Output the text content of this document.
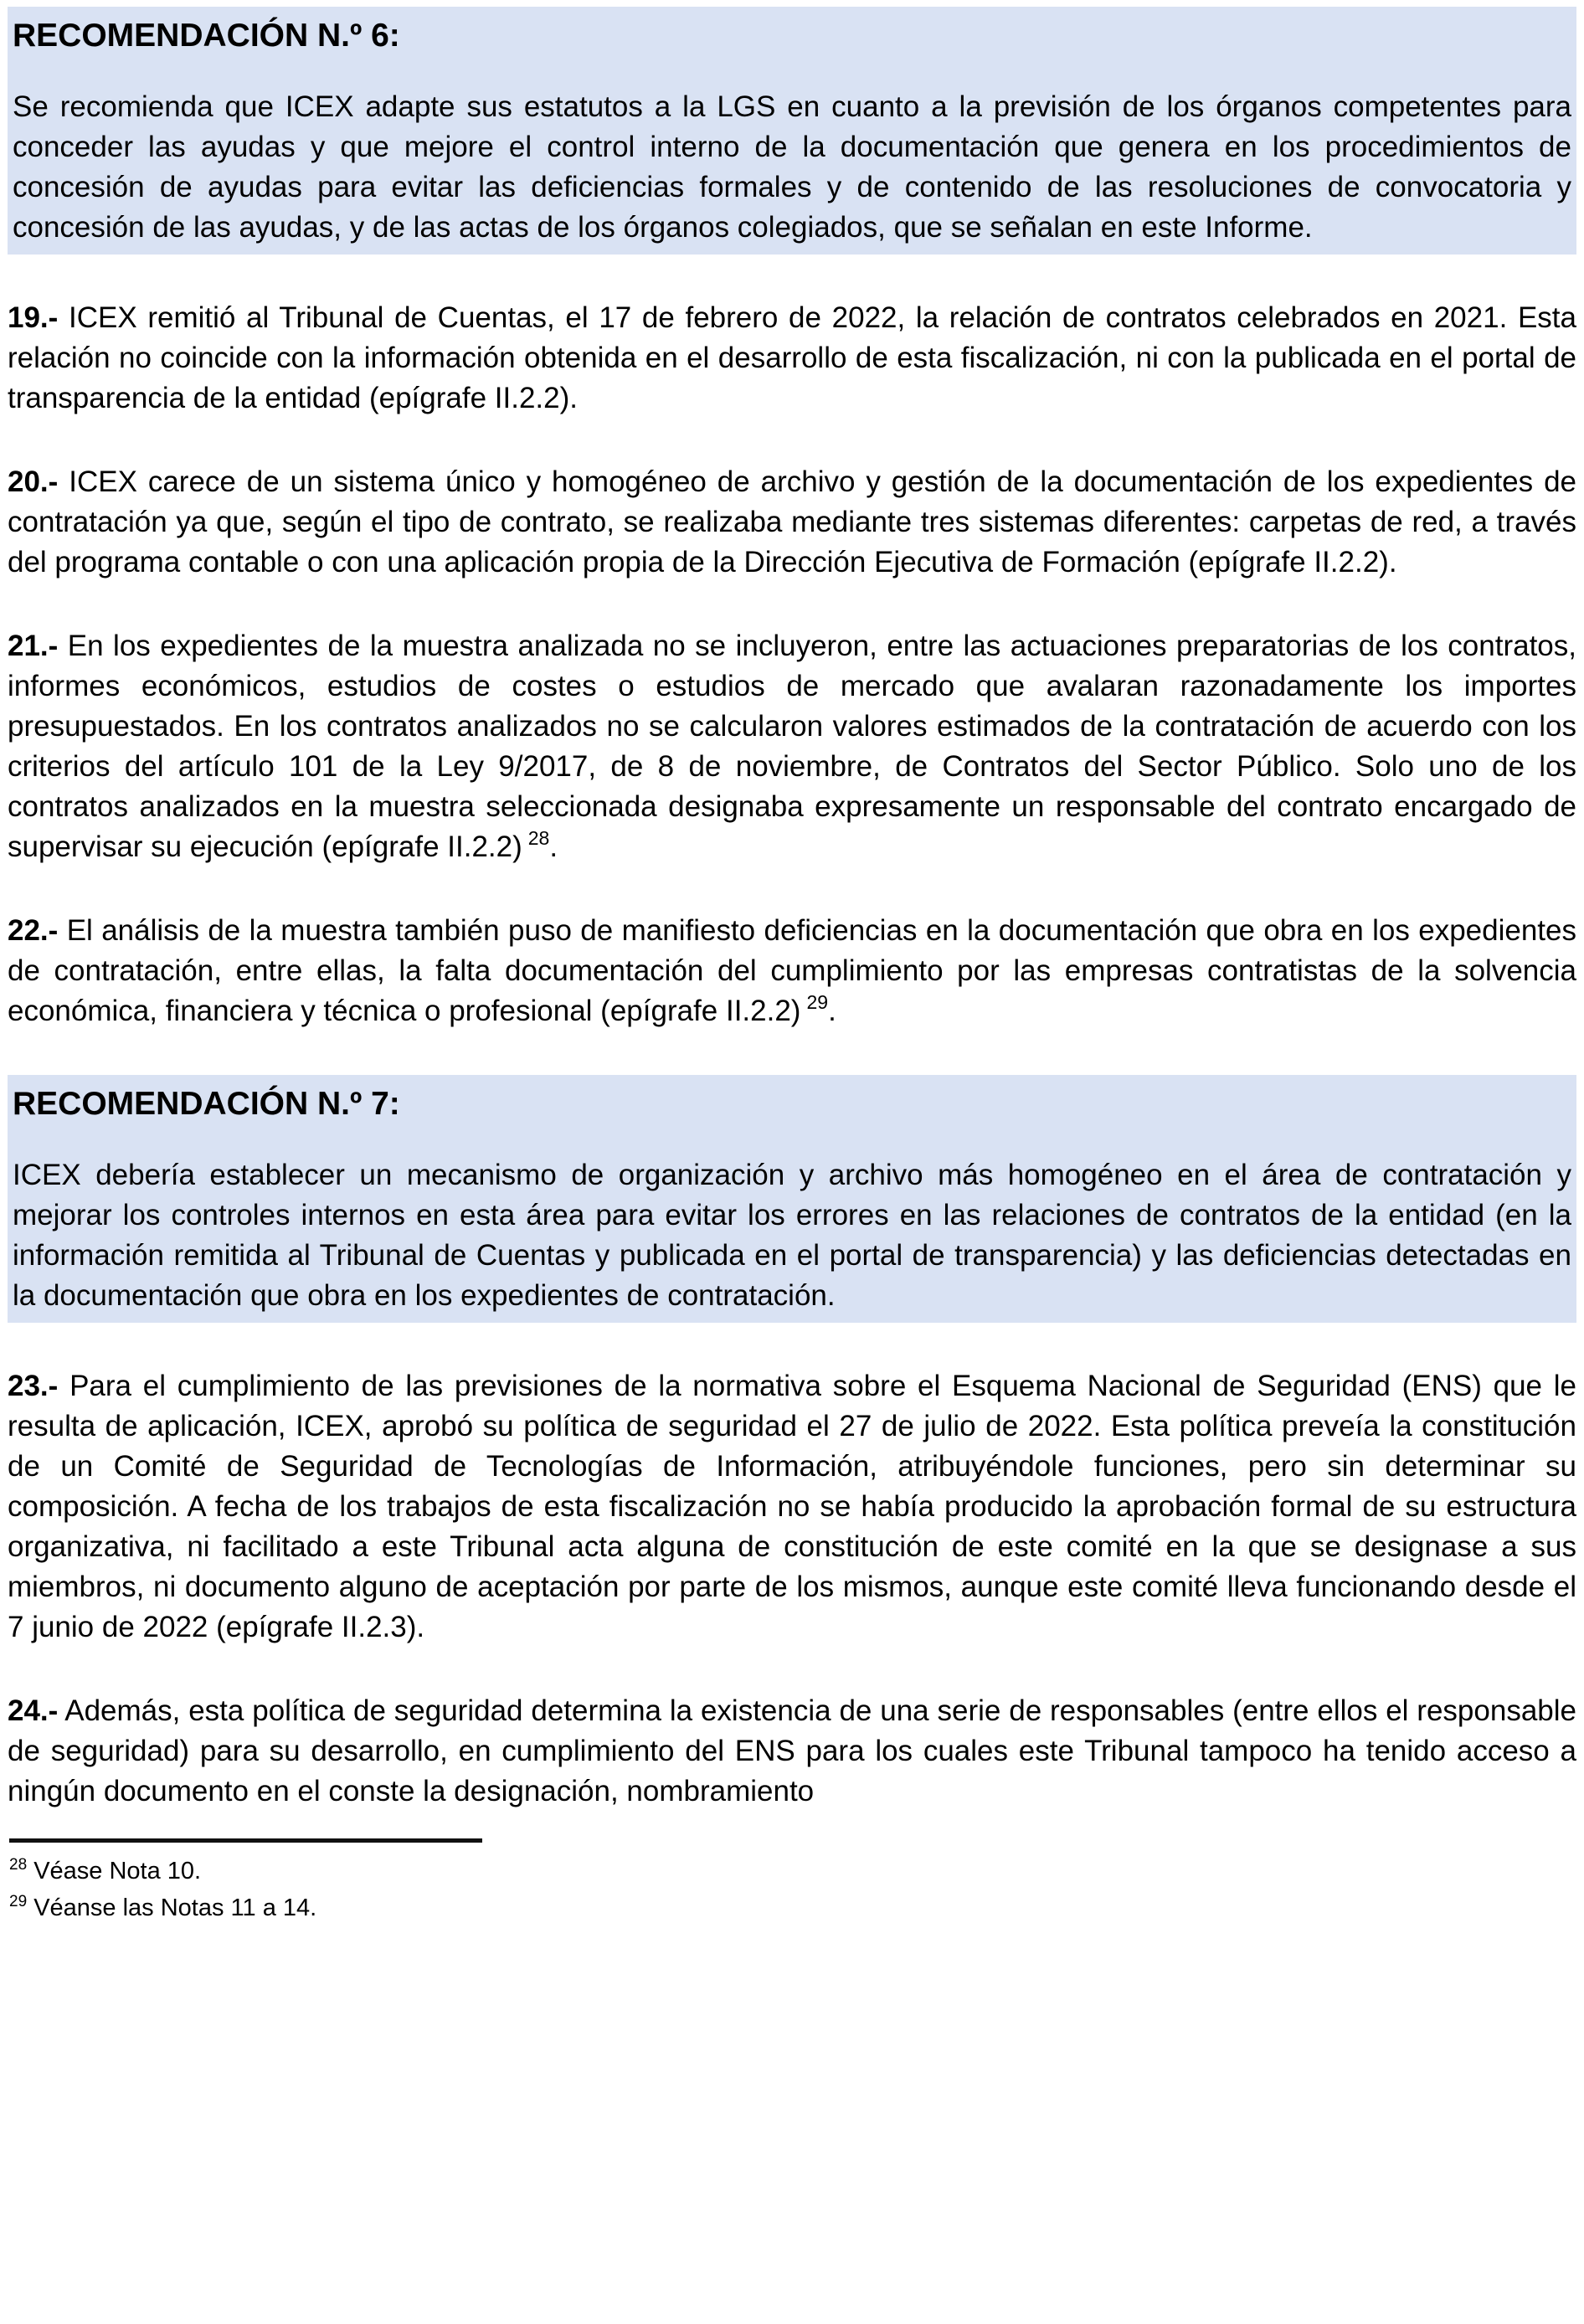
RECOMENDACIÓN N.º 6:

Se recomienda que ICEX adapte sus estatutos a la LGS en cuanto a la previsión de los órganos competentes para conceder las ayudas y que mejore el control interno de la documentación que genera en los procedimientos de concesión de ayudas para evitar las deficiencias formales y de contenido de las resoluciones de convocatoria y concesión de las ayudas, y de las actas de los órganos colegiados, que se señalan en este Informe.

19.- ICEX remitió al Tribunal de Cuentas, el 17 de febrero de 2022, la relación de contratos celebrados en 2021. Esta relación no coincide con la información obtenida en el desarrollo de esta fiscalización, ni con la publicada en el portal de transparencia de la entidad (epígrafe II.2.2).

20.- ICEX carece de un sistema único y homogéneo de archivo y gestión de la documentación de los expedientes de contratación ya que, según el tipo de contrato, se realizaba mediante tres sistemas diferentes: carpetas de red, a través del programa contable o con una aplicación propia de la Dirección Ejecutiva de Formación (epígrafe II.2.2).

21.- En los expedientes de la muestra analizada no se incluyeron, entre las actuaciones preparatorias de los contratos, informes económicos, estudios de costes o estudios de mercado que avalaran razonadamente los importes presupuestados. En los contratos analizados no se calcularon valores estimados de la contratación de acuerdo con los criterios del artículo 101 de la Ley 9/2017, de 8 de noviembre, de Contratos del Sector Público. Solo uno de los contratos analizados en la muestra seleccionada designaba expresamente un responsable del contrato encargado de supervisar su ejecución (epígrafe II.2.2) $^{28}$.

22.- El análisis de la muestra también puso de manifiesto deficiencias en la documentación que obra en los expedientes de contratación, entre ellas, la falta documentación del cumplimiento por las empresas contratistas de la solvencia económica, financiera y técnica o profesional (epígrafe II.2.2) $^{29}$.

RECOMENDACIÓN N.º 7:

ICEX debería establecer un mecanismo de organización y archivo más homogéneo en el área de contratación y mejorar los controles internos en esta área para evitar los errores en las relaciones de contratos de la entidad (en la información remitida al Tribunal de Cuentas y publicada en el portal de transparencia) y las deficiencias detectadas en la documentación que obra en los expedientes de contratación.

23.- Para el cumplimiento de las previsiones de la normativa sobre el Esquema Nacional de Seguridad (ENS) que le resulta de aplicación, ICEX, aprobó su política de seguridad el 27 de julio de 2022. Esta política preveía la constitución de un Comité de Seguridad de Tecnologías de Información, atribuyéndole funciones, pero sin determinar su composición. A fecha de los trabajos de esta fiscalización no se había producido la aprobación formal de su estructura organizativa, ni facilitado a este Tribunal acta alguna de constitución de este comité en la que se designase a sus miembros, ni documento alguno de aceptación por parte de los mismos, aunque este comité lleva funcionando desde el 7 junio de 2022 (epígrafe II.2.3).

24.- Además, esta política de seguridad determina la existencia de una serie de responsables (entre ellos el responsable de seguridad) para su desarrollo, en cumplimiento del ENS para los cuales este Tribunal tampoco ha tenido acceso a ningún documento en el conste la designación, nombramiento

$^{28}$ Véase Nota 10.

$^{29}$ Véanse las Notas 11 a 14.
